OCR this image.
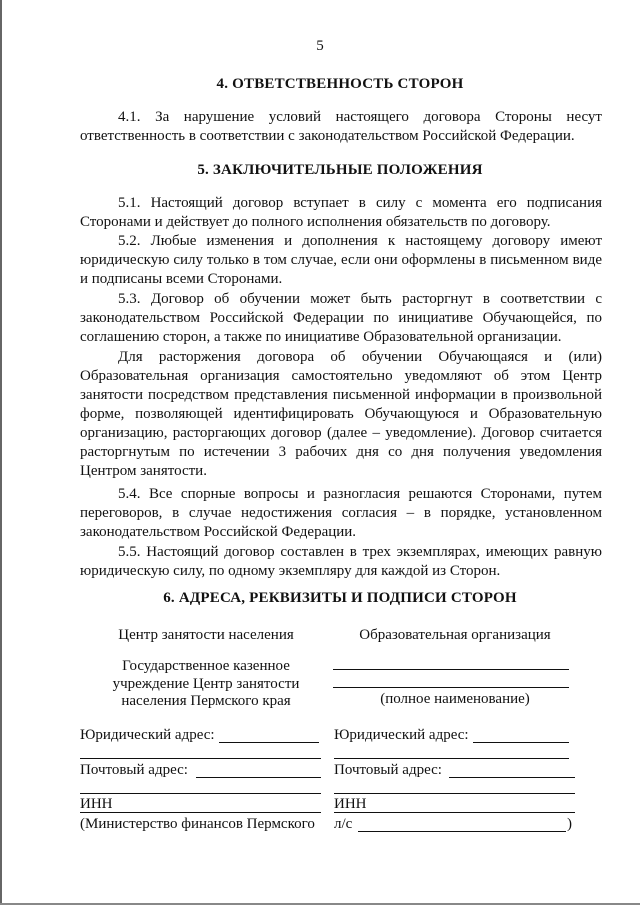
5
4. ОТВЕТСТВЕННОСТЬ СТОРОН

4.1. За нарушение условий настоящего договора Стороны несут ответственность в соответствии с законодательством Российской Федерации.

5. ЗАКЛЮЧИТЕЛЬНЫЕ ПОЛОЖЕНИЯ

5.1. Настоящий договор вступает в силу с момента его подписания Сторонами и действует до полного исполнения обязательств по договору.

5.2. Любые изменения и дополнения к настоящему договору имеют юридическую силу только в том случае, если они оформлены в письменном виде и подписаны всеми Сторонами.

5.3. Договор об обучении может быть расторгнут в соответствии с законодательством Российской Федерации по инициативе Обучающейся, по соглашению сторон, а также по инициативе Образовательной организации.

Для расторжения договора об обучении Обучающаяся и (или) Образовательная организация самостоятельно уведомляют об этом Центр занятости посредством представления письменной информации в произвольной форме, позволяющей идентифицировать Обучающуюся и Образовательную организацию, расторгающих договор (далее – уведомление). Договор считается расторгнутым по истечении 3 рабочих дня со дня получения уведомления Центром занятости.

5.4. Все спорные вопросы и разногласия решаются Сторонами, путем переговоров, в случае недостижения согласия – в порядке, установленном законодательством Российской Федерации.

5.5. Настоящий договор составлен в трех экземплярах, имеющих равную юридическую силу, по одному экземпляру для каждой из Сторон.

6. АДРЕСА, РЕКВИЗИТЫ И ПОДПИСИ СТОРОН
Центр занятости населения
Государственное казенное
учреждение Центр занятости
населения Пермского края
Юридический адрес:
Почтовый адрес:
ИНН
(Министерство финансов Пермского
Образовательная организация
(полное наименование)
Юридический адрес:
Почтовый адрес:
ИНН
л/с	)
